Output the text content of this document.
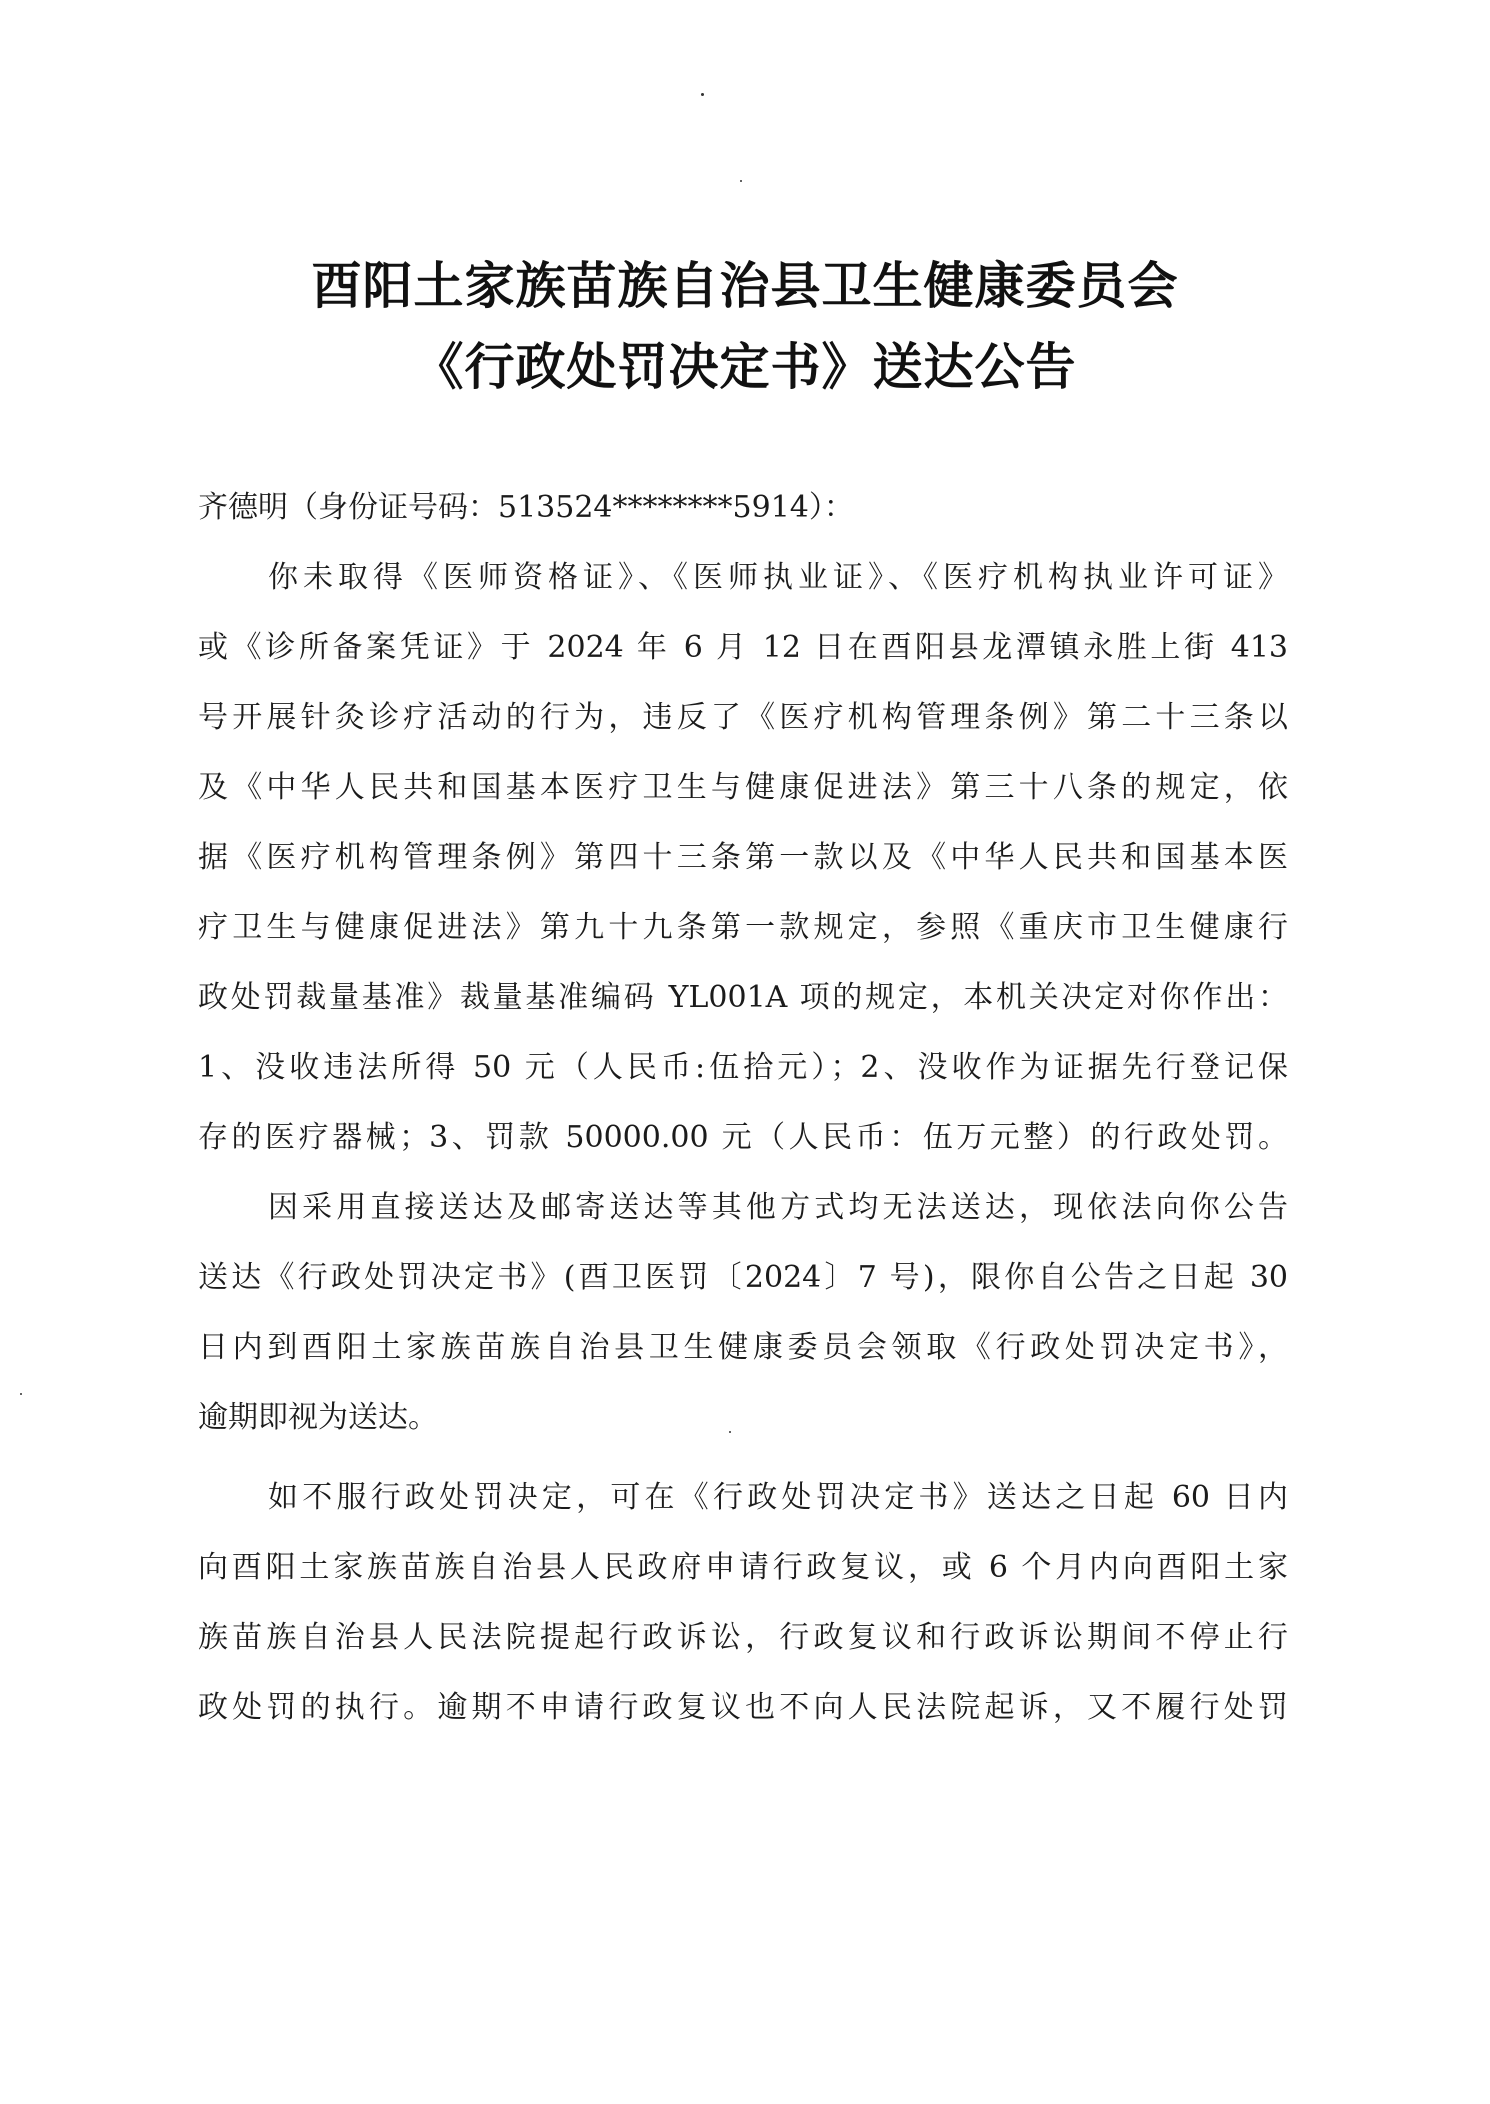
酉阳土家族苗族自治县卫生健康委员会
《行政处罚决定书》送达公告
齐德明（身份证号码：513524********5914）：
你未取得《医师资格证》、《医师执业证》、《医疗机构执业许可证》
或《诊所备案凭证》于 2024 年 6 月 12 日在酉阳县龙潭镇永胜上街 413
号开展针灸诊疗活动的行为，违反了《医疗机构管理条例》第二十三条以
及《中华人民共和国基本医疗卫生与健康促进法》第三十八条的规定，依
据《医疗机构管理条例》第四十三条第一款以及《中华人民共和国基本医
疗卫生与健康促进法》第九十九条第一款规定，参照《重庆市卫生健康行
政处罚裁量基准》裁量基准编码 YL001A 项的规定，本机关决定对你作出：
1、没收违法所得 50 元（人民币:伍拾元）；2、没收作为证据先行登记保
存的医疗器械；3、罚款 50000.00 元（人民币：伍万元整）的行政处罚。
因采用直接送达及邮寄送达等其他方式均无法送达，现依法向你公告
送达《行政处罚决定书》(酉卫医罚〔2024〕7 号)，限你自公告之日起 30
日内到酉阳土家族苗族自治县卫生健康委员会领取《行政处罚决定书》，
逾期即视为送达。
如不服行政处罚决定，可在《行政处罚决定书》送达之日起 60 日内
向酉阳土家族苗族自治县人民政府申请行政复议，或 6 个月内向酉阳土家
族苗族自治县人民法院提起行政诉讼，行政复议和行政诉讼期间不停止行
政处罚的执行。逾期不申请行政复议也不向人民法院起诉，又不履行处罚
